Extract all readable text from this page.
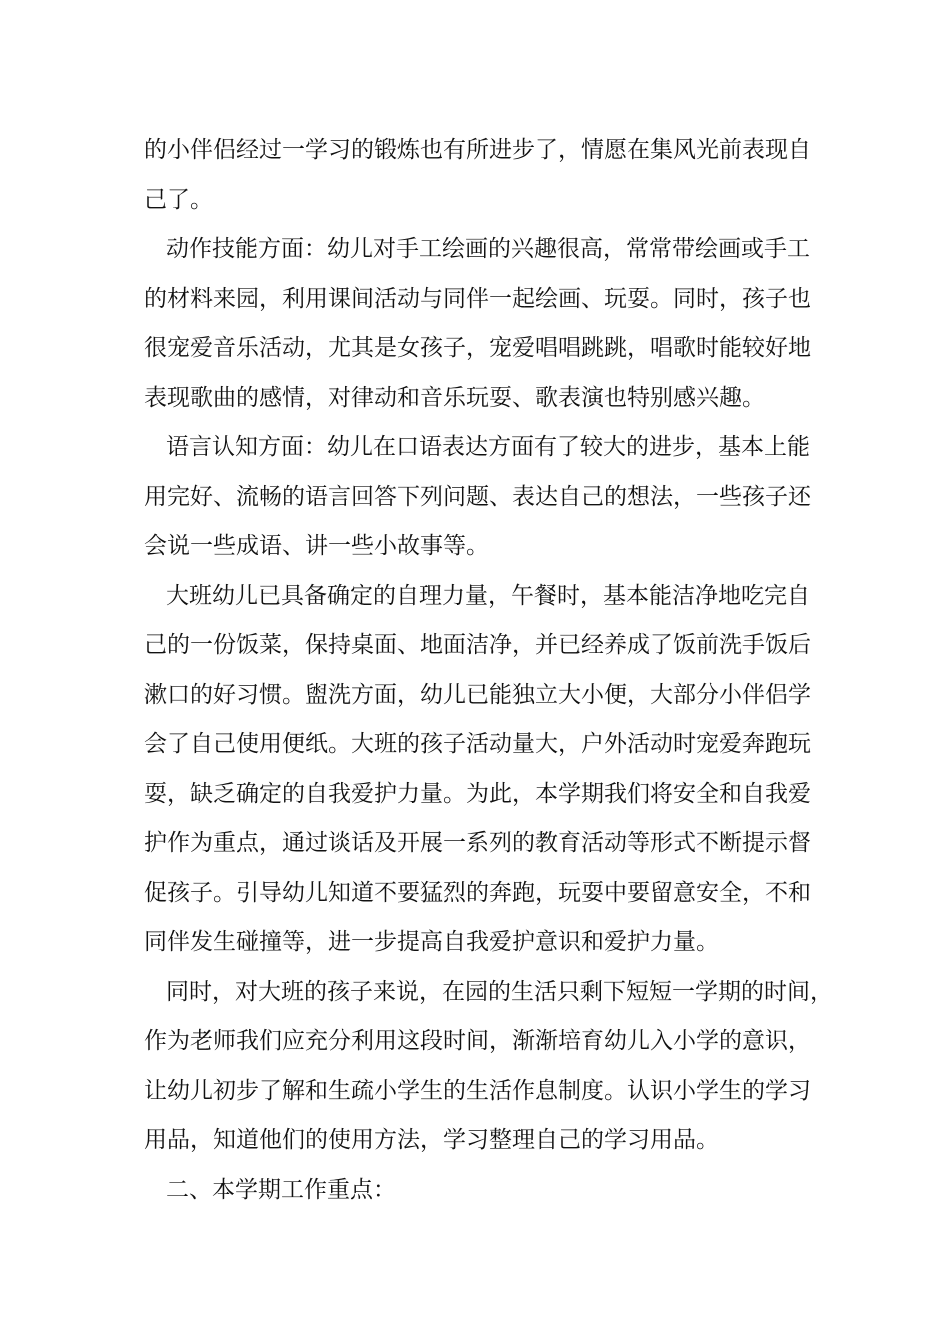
的小伴侣经过一学习的锻炼也有所进步了，情愿在集风光前表现自
己了。
动作技能方面：幼儿对手工绘画的兴趣很高，常常带绘画或手工
的材料来园，利用课间活动与同伴一起绘画、玩耍。同时，孩子也
很宠爱音乐活动，尤其是女孩子，宠爱唱唱跳跳，唱歌时能较好地
表现歌曲的感情，对律动和音乐玩耍、歌表演也特别感兴趣。
语言认知方面：幼儿在口语表达方面有了较大的进步，基本上能
用完好、流畅的语言回答下列问题、表达自己的想法，一些孩子还
会说一些成语、讲一些小故事等。
大班幼儿已具备确定的自理力量，午餐时，基本能洁净地吃完自
己的一份饭菜，保持桌面、地面洁净，并已经养成了饭前洗手饭后
漱口的好习惯。盥洗方面，幼儿已能独立大小便，大部分小伴侣学
会了自己使用便纸。大班的孩子活动量大，户外活动时宠爱奔跑玩
耍，缺乏确定的自我爱护力量。为此，本学期我们将安全和自我爱
护作为重点，通过谈话及开展一系列的教育活动等形式不断提示督
促孩子。引导幼儿知道不要猛烈的奔跑，玩耍中要留意安全，不和
同伴发生碰撞等，进一步提高自我爱护意识和爱护力量。
同时，对大班的孩子来说，在园的生活只剩下短短一学期的时间，
作为老师我们应充分利用这段时间，渐渐培育幼儿入小学的意识，
让幼儿初步了解和生疏小学生的生活作息制度。认识小学生的学习
用品，知道他们的使用方法，学习整理自己的学习用品。
二、本学期工作重点：
